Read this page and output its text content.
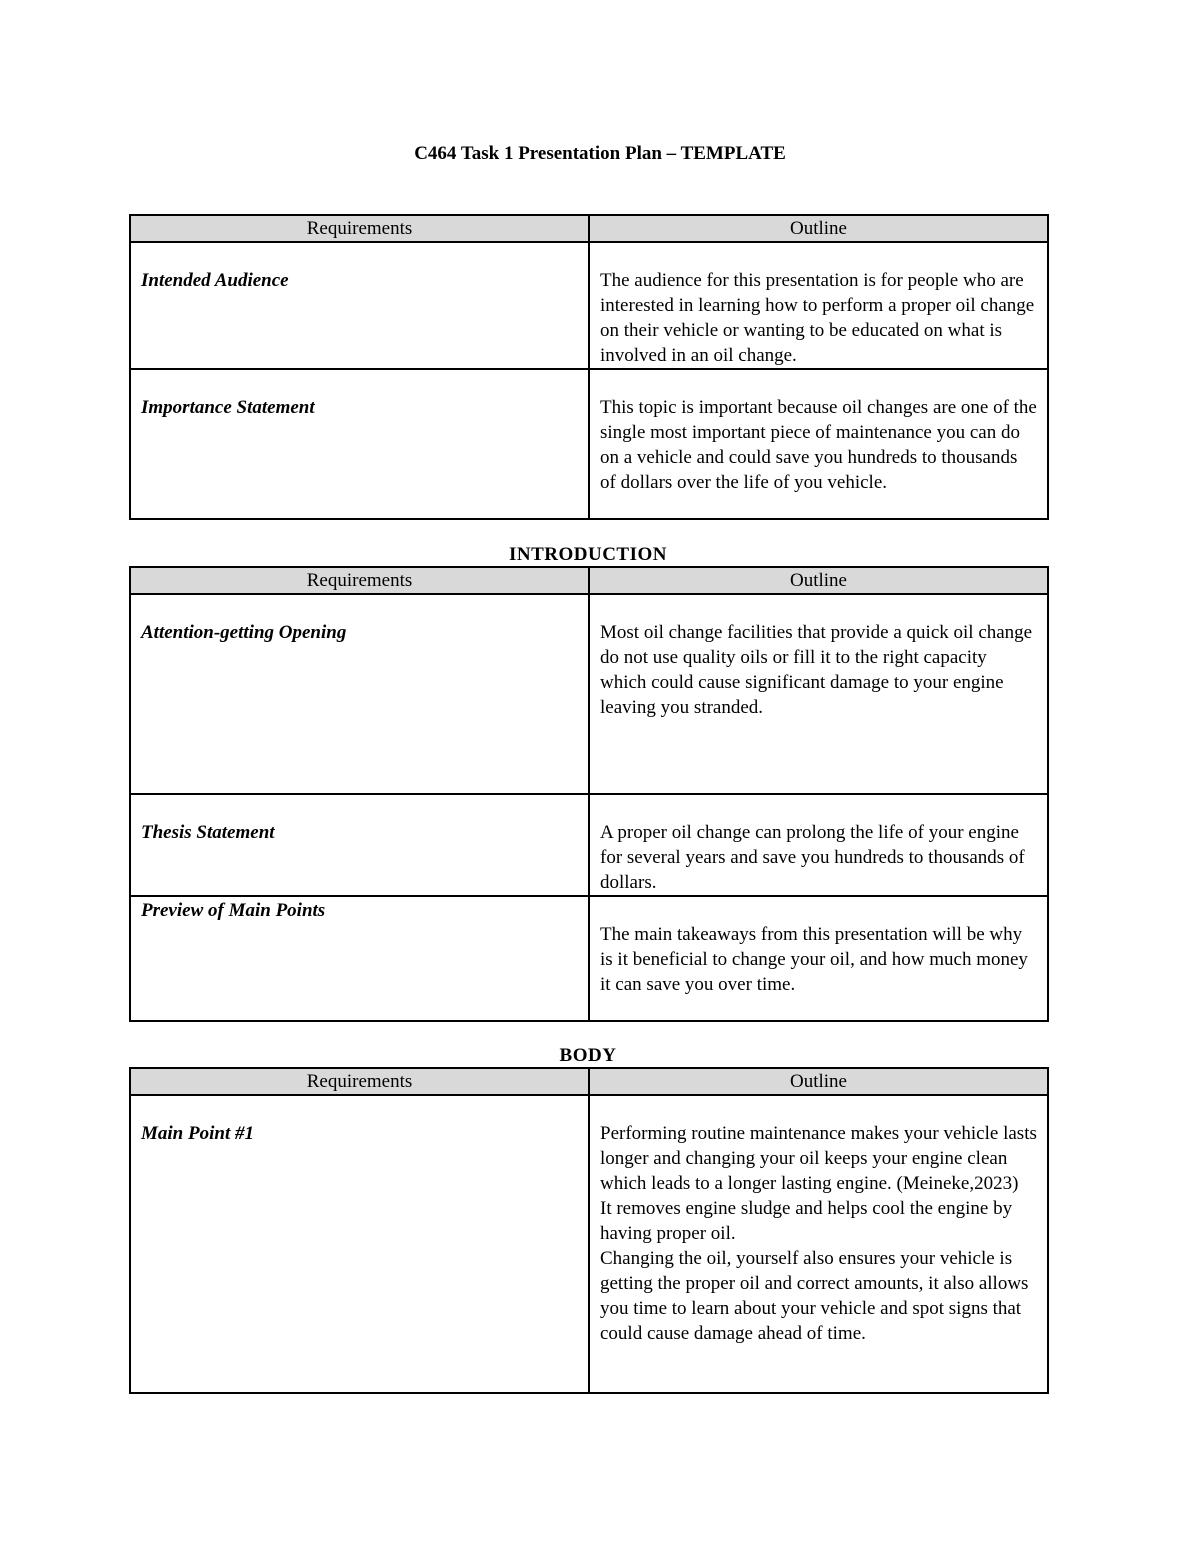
C464 Task 1 Presentation Plan – TEMPLATE
Requirements	Outline
Intended Audience	The audience for this presentation is for people who are interested in learning how to perform a proper oil change on their vehicle or wanting to be educated on what is involved in an oil change.
Importance Statement	This topic is important because oil changes are one of the single most important piece of maintenance you can do on a vehicle and could save you hundreds to thousands of dollars over the life of you vehicle.
INTRODUCTION
Requirements	Outline
Attention-getting Opening	Most oil change facilities that provide a quick oil change do not use quality oils or fill it to the right capacity which could cause significant damage to your engine leaving you stranded.
Thesis Statement	A proper oil change can prolong the life of your engine for several years and save you hundreds to thousands of dollars.
Preview of Main Points	The main takeaways from this presentation will be why is it beneficial to change your oil, and how much money it can save you over time.
BODY
Requirements	Outline
Main Point #1	Performing routine maintenance makes your vehicle lasts longer and changing your oil keeps your engine clean which leads to a longer lasting engine. (Meineke,2023)
It removes engine sludge and helps cool the engine by having proper oil.
Changing the oil, yourself also ensures your vehicle is getting the proper oil and correct amounts, it also allows you time to learn about your vehicle and spot signs that could cause damage ahead of time.
